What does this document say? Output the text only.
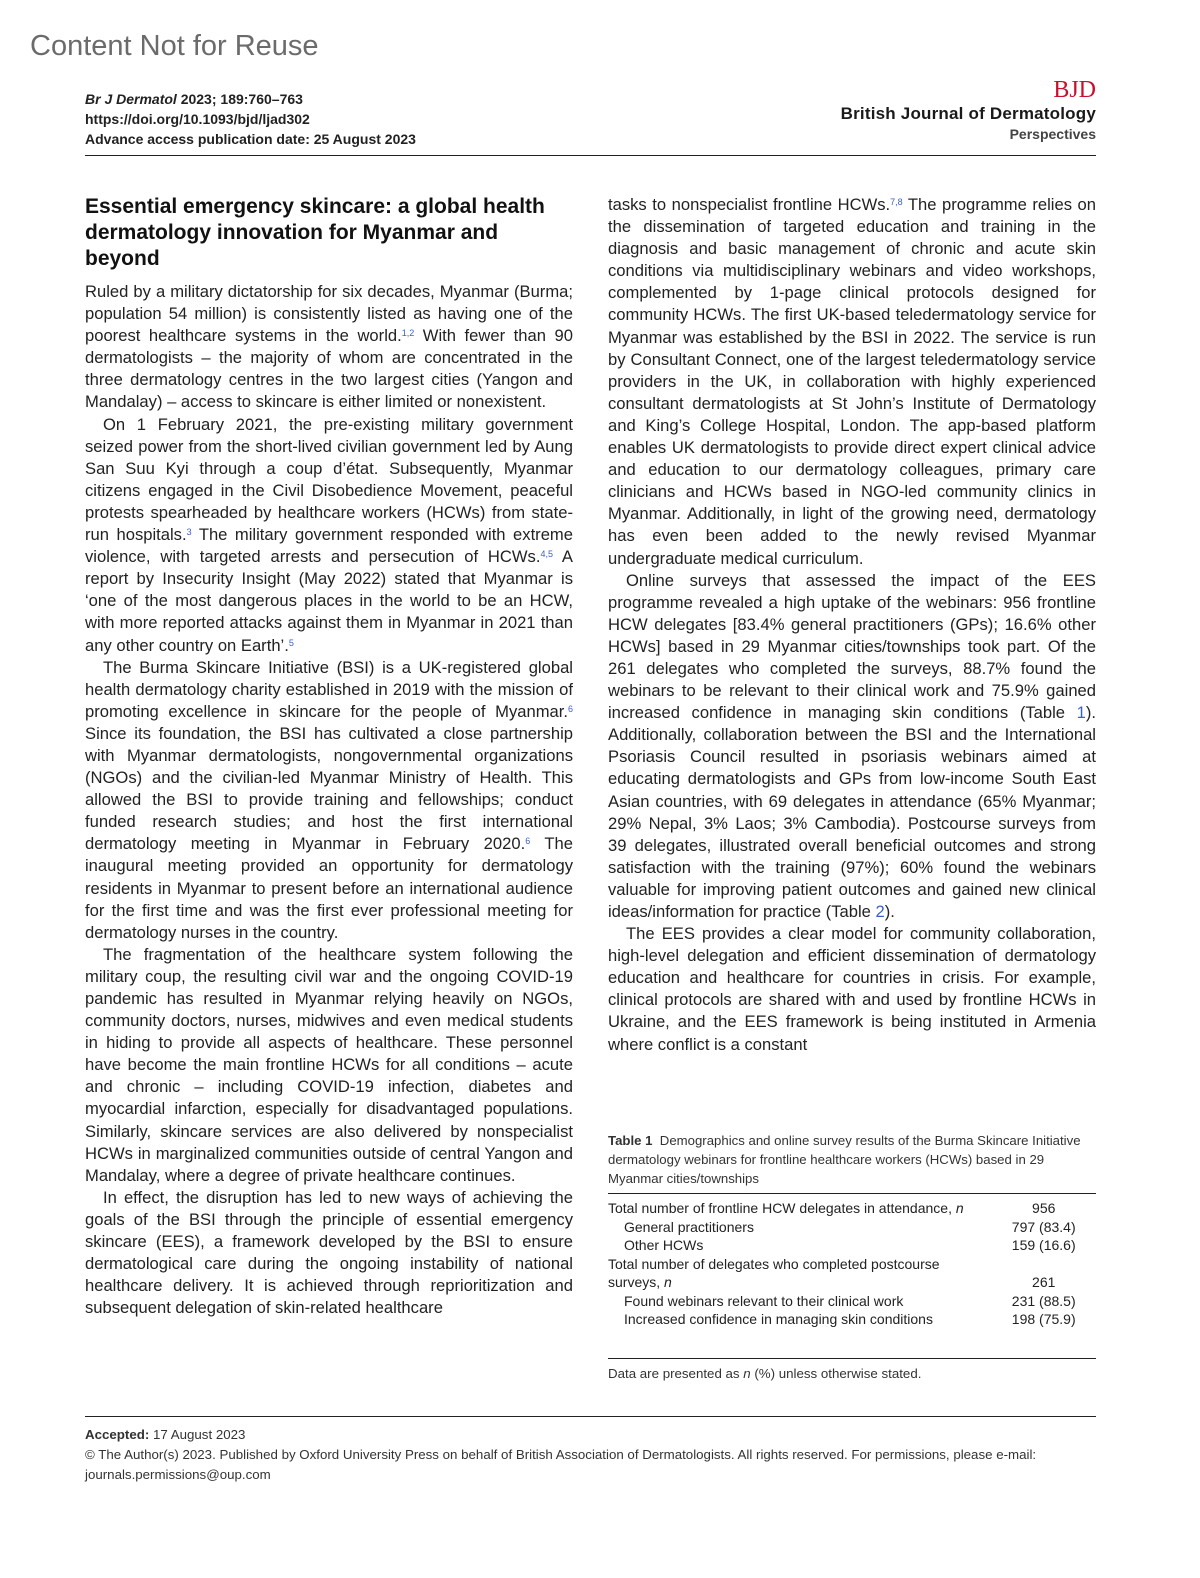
Content Not for Reuse
Br J Dermatol 2023; 189:760–763
https://doi.org/10.1093/bjd/ljad302
Advance access publication date: 25 August 2023
BJD
British Journal of Dermatology
Perspectives

Essential emergency skincare: a global health dermatology innovation for Myanmar and beyond

Ruled by a military dictatorship for six decades, Myanmar (Burma; population 54 million) is consistently listed as having one of the poorest healthcare systems in the world.$^{1,2}$ With fewer than 90 dermatologists – the majority of whom are concentrated in the three dermatology centres in the two largest cities (Yangon and Mandalay) – access to skincare is either limited or nonexistent.

On 1 February 2021, the pre-existing military government seized power from the short-lived civilian government led by Aung San Suu Kyi through a coup d’état. Subsequently, Myanmar citizens engaged in the Civil Disobedience Movement, peaceful protests spearheaded by healthcare workers (HCWs) from state-run hospitals.$^3$ The military government responded with extreme violence, with targeted arrests and persecution of HCWs.$^{4,5}$ A report by Insecurity Insight (May 2022) stated that Myanmar is ‘one of the most dangerous places in the world to be an HCW, with more reported attacks against them in Myanmar in 2021 than any other country on Earth’.$^5$

The Burma Skincare Initiative (BSI) is a UK-registered global health dermatology charity established in 2019 with the mission of promoting excellence in skincare for the people of Myanmar.$^6$ Since its foundation, the BSI has cultivated a close partnership with Myanmar dermatologists, nongovernmental organizations (NGOs) and the civilian-led Myanmar Ministry of Health. This allowed the BSI to provide training and fellowships; conduct funded research studies; and host the first international dermatology meeting in Myanmar in February 2020.$^6$ The inaugural meeting provided an opportunity for dermatology residents in Myanmar to present before an international audience for the first time and was the first ever professional meeting for dermatology nurses in the country.

The fragmentation of the healthcare system following the military coup, the resulting civil war and the ongoing COVID-19 pandemic has resulted in Myanmar relying heavily on NGOs, community doctors, nurses, midwives and even medical students in hiding to provide all aspects of healthcare. These personnel have become the main frontline HCWs for all conditions – acute and chronic – including COVID-19 infection, diabetes and myocardial infarction, especially for disadvantaged populations. Similarly, skincare services are also delivered by nonspecialist HCWs in marginalized communities outside of central Yangon and Mandalay, where a degree of private healthcare continues.

In effect, the disruption has led to new ways of achieving the goals of the BSI through the principle of essential emergency skincare (EES), a framework developed by the BSI to ensure dermatological care during the ongoing instability of national healthcare delivery. It is achieved through reprioritization and subsequent delegation of skin-related healthcare

tasks to nonspecialist frontline HCWs.$^{7,8}$ The programme relies on the dissemination of targeted education and training in the diagnosis and basic management of chronic and acute skin conditions via multidisciplinary webinars and video workshops, complemented by 1-page clinical protocols designed for community HCWs. The first UK-based teledermatology service for Myanmar was established by the BSI in 2022. The service is run by Consultant Connect, one of the largest teledermatology service providers in the UK, in collaboration with highly experienced consultant dermatologists at St John’s Institute of Dermatology and King’s College Hospital, London. The app-based platform enables UK dermatologists to provide direct expert clinical advice and education to our dermatology colleagues, primary care clinicians and HCWs based in NGO-led community clinics in Myanmar. Additionally, in light of the growing need, dermatology has even been added to the newly revised Myanmar undergraduate medical curriculum.

Online surveys that assessed the impact of the EES programme revealed a high uptake of the webinars: 956 frontline HCW delegates [83.4% general practitioners (GPs); 16.6% other HCWs] based in 29 Myanmar cities/townships took part. Of the 261 delegates who completed the surveys, 88.7% found the webinars to be relevant to their clinical work and 75.9% gained increased confidence in managing skin conditions (Table 1). Additionally, collaboration between the BSI and the International Psoriasis Council resulted in psoriasis webinars aimed at educating dermatologists and GPs from low-income South East Asian countries, with 69 delegates in attendance (65% Myanmar; 29% Nepal, 3% Laos; 3% Cambodia). Postcourse surveys from 39 delegates, illustrated overall beneficial outcomes and strong satisfaction with the training (97%); 60% found the webinars valuable for improving patient outcomes and gained new clinical ideas/information for practice (Table 2).

The EES provides a clear model for community collaboration, high-level delegation and efficient dissemination of dermatology education and healthcare for countries in crisis. For example, clinical protocols are shared with and used by frontline HCWs in Ukraine, and the EES framework is being instituted in Armenia where conflict is a constant

Table 1 Demographics and online survey results of the Burma Skincare Initiative dermatology webinars for frontline healthcare workers (HCWs) based in 29 Myanmar cities/townships
Total number of frontline HCW delegates in attendance, n	956
General practitioners	797 (83.4)
Other HCWs	159 (16.6)
Total number of delegates who completed postcourse surveys, n	261
Found webinars relevant to their clinical work	231 (88.5)
Increased confidence in managing skin conditions	198 (75.9)
Data are presented as n (%) unless otherwise stated.
Accepted: 17 August 2023
© The Author(s) 2023. Published by Oxford University Press on behalf of British Association of Dermatologists. All rights reserved. For permissions, please e-mail: journals.permissions@oup.com
